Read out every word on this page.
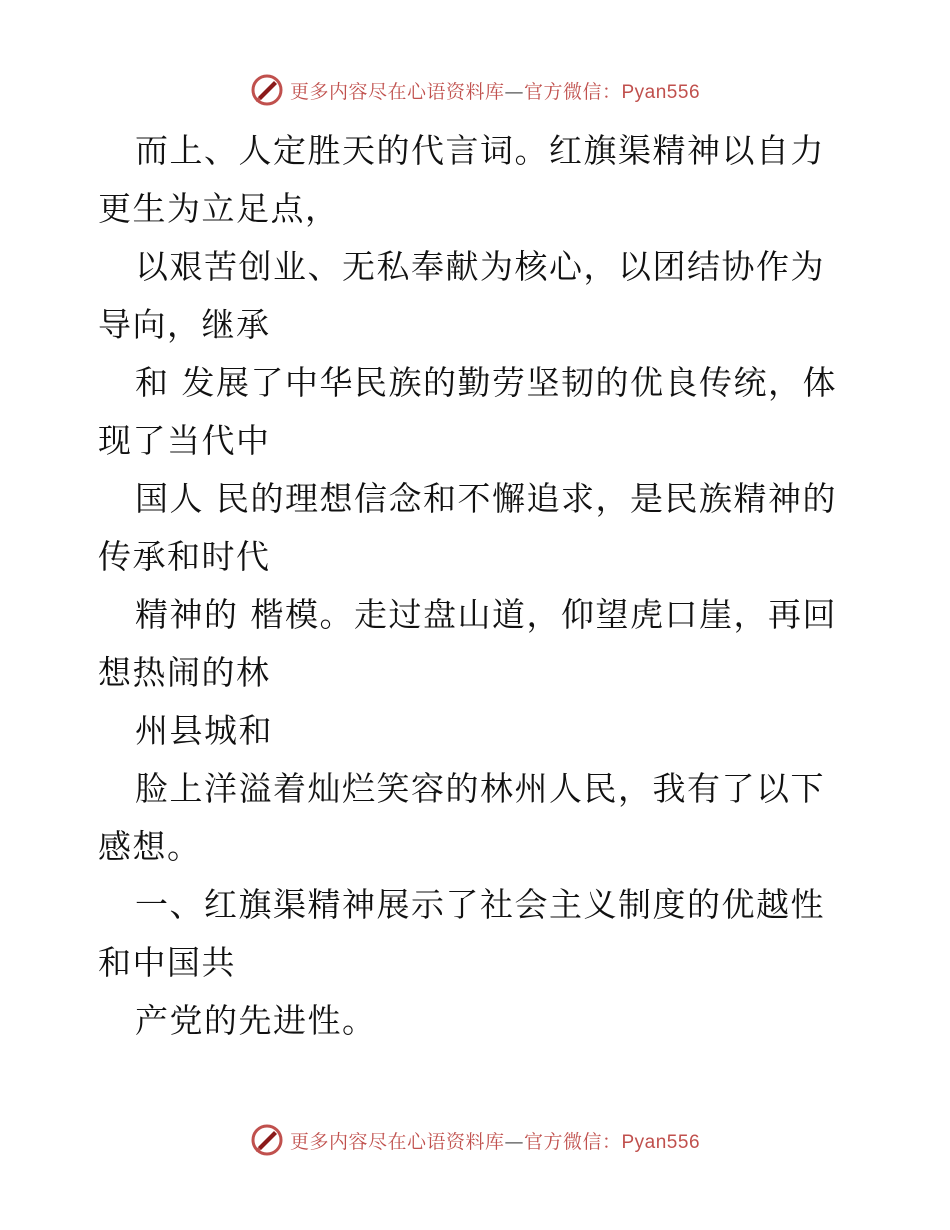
更多内容尽在心语资料库—官方微信：Pyan556

而上、人定胜天的代言词。红旗渠精神以自力更生为立足点，

以艰苦创业、无私奉献为核心，以团结协作为导向，继承

和 发展了中华民族的勤劳坚韧的优良传统，体现了当代中

国人 民的理想信念和不懈追求，是民族精神的传承和时代

精神的 楷模。走过盘山道，仰望虎口崖，再回想热闹的林

州县城和

脸上洋溢着灿烂笑容的林州人民，我有了以下感想。

一、红旗渠精神展示了社会主义制度的优越性和中国共

产党的先进性。

更多内容尽在心语资料库—官方微信：Pyan556
